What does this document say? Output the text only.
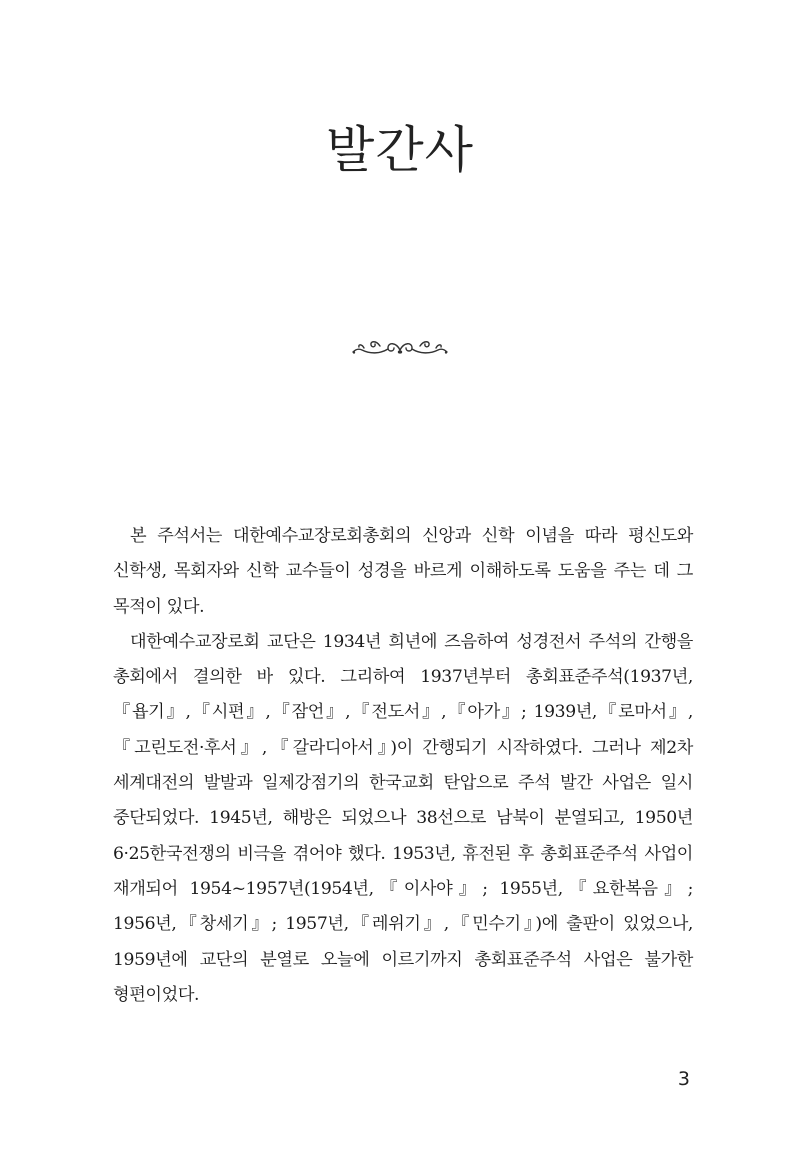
발간사

본 주석서는 대한예수교장로회총회의 신앙과 신학 이념을 따라 평신도와 신학생, 목회자와 신학 교수들이 성경을 바르게 이해하도록 도움을 주는 데 그 목적이 있다.

대한예수교장로회 교단은 1934년 희년에 즈음하여 성경전서 주석의 간행을 총회에서 결의한 바 있다. 그리하여 1937년부터 총회표준주석(1937년,『욥기』,『시편』,『잠언』,『전도서』,『아가』; 1939년,『로마서』,『고린도전·후서』,『갈라디아서』)이 간행되기 시작하였다. 그러나 제2차 세계대전의 발발과 일제강점기의 한국교회 탄압으로 주석 발간 사업은 일시 중단되었다. 1945년, 해방은 되었으나 38선으로 남북이 분열되고, 1950년 6·25한국전쟁의 비극을 겪어야 했다. 1953년, 휴전된 후 총회표준주석 사업이 재개되어 1954~1957년(1954년,『이사야』; 1955년,『요한복음』; 1956년,『창세기』; 1957년,『레위기』,『민수기』)에 출판이 있었으나, 1959년에 교단의 분열로 오늘에 이르기까지 총회표준주석 사업은 불가한 형편이었다.

3
